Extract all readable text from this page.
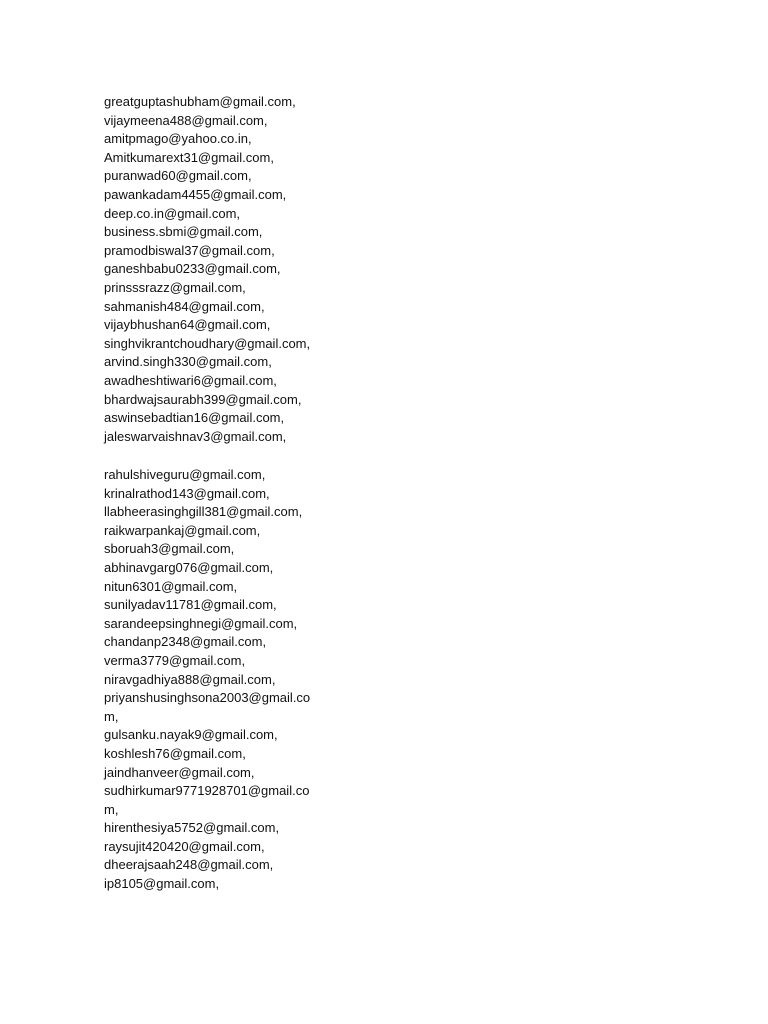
greatguptashubham@gmail.com,
vijaymeena488@gmail.com,
amitpmago@yahoo.co.in,
Amitkumarext31@gmail.com,
puranwad60@gmail.com,
pawankadam4455@gmail.com,
deep.co.in@gmail.com,
business.sbmi@gmail.com,
pramodbiswal37@gmail.com,
ganeshbabu0233@gmail.com,
prinsssrazz@gmail.com,
sahmanish484@gmail.com,
vijaybhushan64@gmail.com,
singhvikrantchoudhary@gmail.com,
arvind.singh330@gmail.com,
awadheshtiwari6@gmail.com,
bhardwajsaurabh399@gmail.com,
aswinsebadtian16@gmail.com,
jaleswarvaishnav3@gmail.com,
rahulshiveguru@gmail.com,
krinalrathod143@gmail.com,
llabheerasinghgill381@gmail.com,
raikwarpankaj@gmail.com,
sboruah3@gmail.com,
abhinavgarg076@gmail.com,
nitun6301@gmail.com,
sunilyadav11781@gmail.com,
sarandeepsinghnegi@gmail.com,
chandanp2348@gmail.com,
verma3779@gmail.com,
niravgadhiya888@gmail.com,
priyanshusinghsona2003@gmail.co
m,
gulsanku.nayak9@gmail.com,
koshlesh76@gmail.com,
jaindhanveer@gmail.com,
sudhirkumar9771928701@gmail.co
m,
hirenthesiya5752@gmail.com,
raysujit420420@gmail.com,
dheerajsaah248@gmail.com,
ip8105@gmail.com,
